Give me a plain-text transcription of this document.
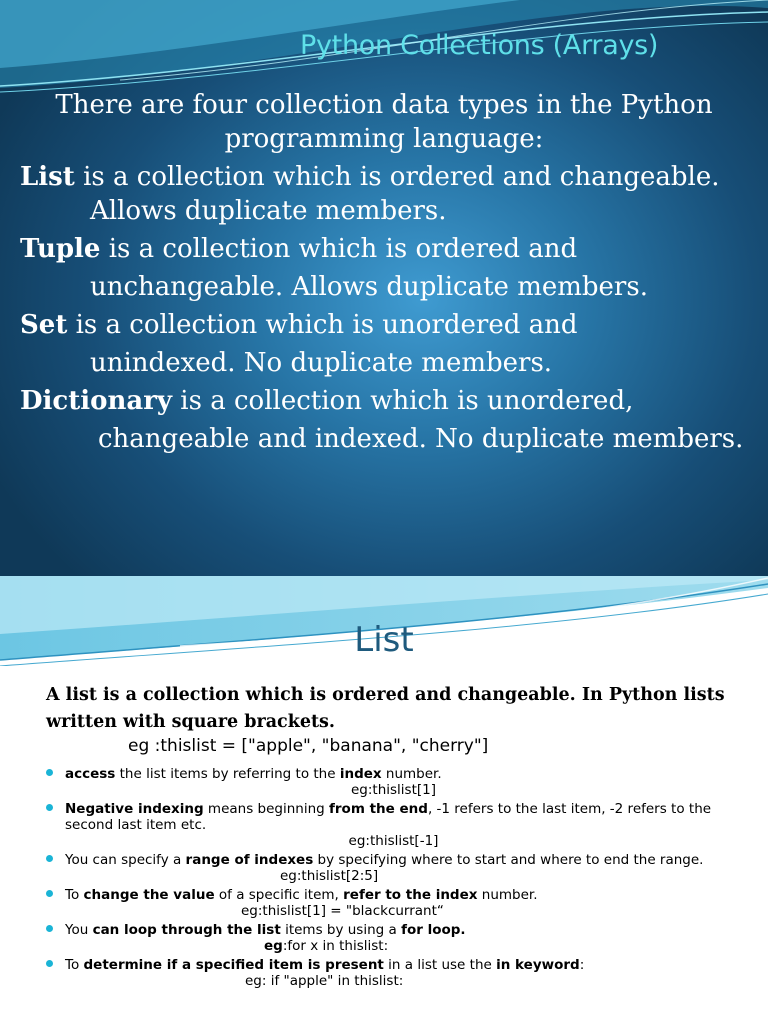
Python Collections (Arrays)

There are four collection data types in the Python programming language:

List is a collection which is ordered and changeable.

Allows duplicate members.

Tuple is a collection which is ordered and

unchangeable. Allows duplicate members.

Set is a collection which is unordered and

unindexed. No duplicate members.

Dictionary is a collection which is unordered,

changeable and indexed. No duplicate members.

List
A list is a collection which is ordered and changeable. In Python lists written with square brackets.
eg :thislist = ["apple", "banana", "cherry"]
access the list items by referring to the index number.
eg:thislist[1]
Negative indexing means beginning from the end, -1 refers to the last item, -2 refers to the second last item etc.
eg:thislist[-1]
You can specify a range of indexes by specifying where to start and where to end the range.
eg:thislist[2:5]
To change the value of a specific item, refer to the index number.
eg:thislist[1] = "blackcurrant“
You can loop through the list items by using a for loop.
eg:for x in thislist:
To determine if a specified item is present in a list use the in keyword:
eg: if "apple" in thislist:
